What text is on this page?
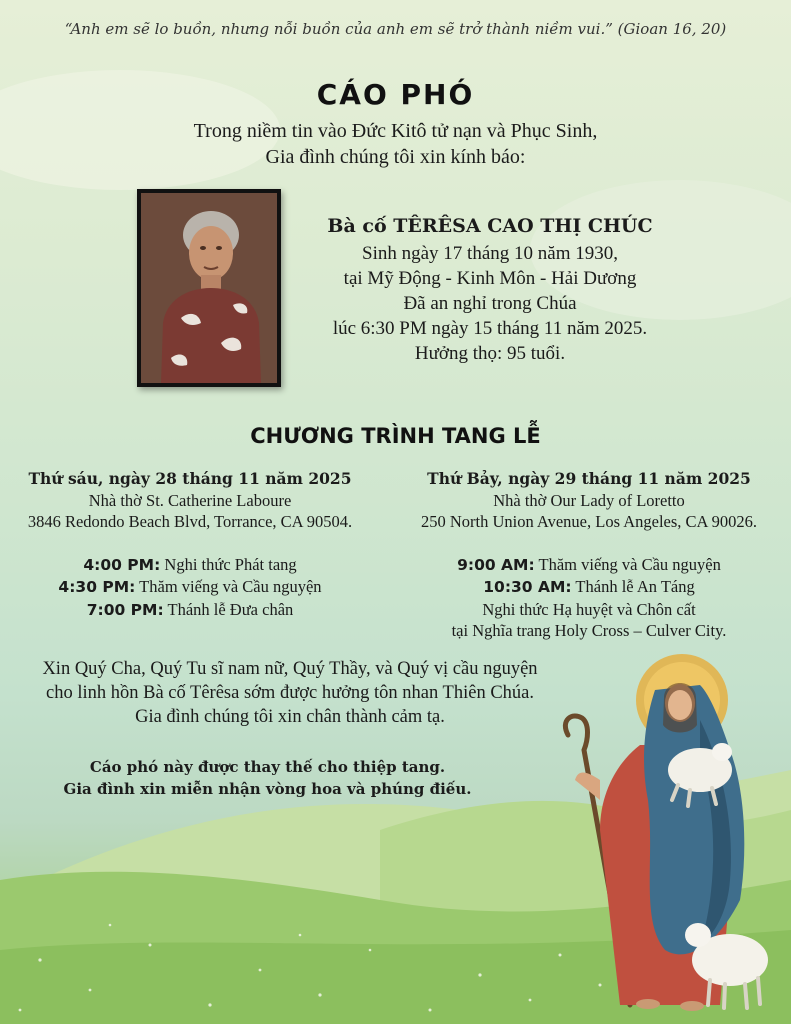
“Anh em sẽ lo buồn, nhưng nỗi buồn của anh em sẽ trở thành niềm vui.” (Gioan 16, 20)
CÁO PHÓ
Trong niềm tin vào Đức Kitô tử nạn và Phục Sinh,
Gia đình chúng tôi xin kính báo:
Bà cố TÊRÊSA CAO THỊ CHÚC
Sinh ngày 17 tháng 10 năm 1930,
tại Mỹ Động - Kinh Môn - Hải Dương
Đã an nghỉ trong Chúa
lúc 6:30 PM ngày 15 tháng 11 năm 2025.
Hưởng thọ: 95 tuổi.
CHƯƠNG TRÌNH TANG LỄ
Thứ sáu, ngày 28 tháng 11 năm 2025
Nhà thờ St. Catherine Laboure
3846 Redondo Beach Blvd, Torrance, CA 90504.
4:00 PM: Nghi thức Phát tang
4:30 PM: Thăm viếng và Cầu nguyện
7:00 PM: Thánh lễ Đưa chân
Thứ Bảy, ngày 29 tháng 11 năm 2025
Nhà thờ Our Lady of Loretto
250 North Union Avenue, Los Angeles, CA 90026.
9:00 AM: Thăm viếng và Cầu nguyện
10:30 AM: Thánh lễ An Táng
Nghi thức Hạ huyệt và Chôn cất
tại Nghĩa trang Holy Cross – Culver City.
Xin Quý Cha, Quý Tu sĩ nam nữ, Quý Thầy, và Quý vị cầu nguyện
cho linh hồn Bà cố Têrêsa sớm được hưởng tôn nhan Thiên Chúa.
Gia đình chúng tôi xin chân thành cảm tạ.
Cáo phó này được thay thế cho thiệp tang.
Gia đình xin miễn nhận vòng hoa và phúng điếu.
